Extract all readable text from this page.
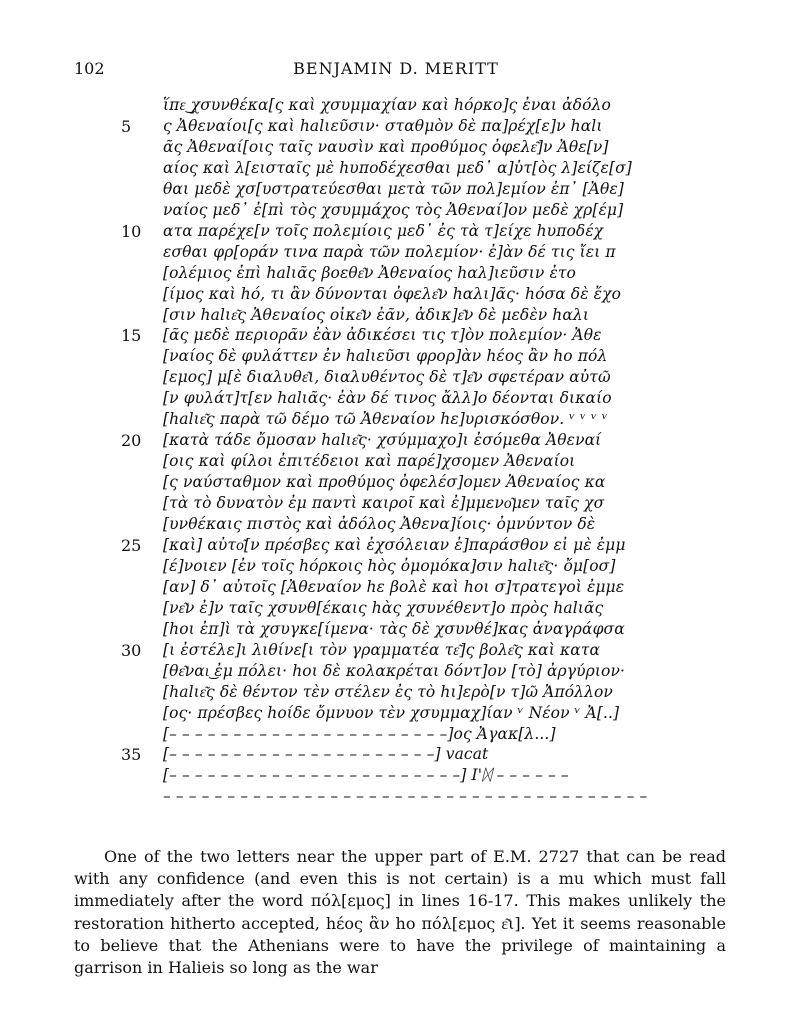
102	BENJAMIN D. MERITT
ἵπε͜ χσυνθέκα[ς καὶ χσυμμαχίαν καὶ hόρκο]ς ἐναι ἀδόλο
5	ς Ἀθεναίοι[ς καὶ halιεῦσιν· σταθμὸν δὲ πα]ρέχ[ε]ν hαlι
ᾶς Ἀθεναί[οις ταῖς ναυσὶν καὶ προθύμος ὀφελε͂]ν Ἀθε[ν]
αίος καὶ λ[εισταῖς μὲ hυποδέχεσθαι μεδ᾽ α]ὐτ[ὸς λ]είζε[σ]
θαι μεδὲ χσ[υστρατεύεσθαι μετὰ τῶν πολ]εμίον ἐπ᾽ [Ἀθε]
ναίος μεδ᾽ ἐ[πὶ τὸς χσυμμάχος τὸς Ἀθεναί]ον μεδὲ χρ[έμ]
10 ατα παρέχε[ν τοῖς πολεμίοις μεδ᾽ ἐς τὰ τ]είχε hυποδέχ
εσθαι φρ[οράν τινα παρὰ τῶν πολεμίον· ἐ]ὰν δέ τις ἴει π
[ολέμιος ἐπὶ halιᾶς βοεθε͂ν Ἀθεναίος hαλ]ιεῦσιν ἐτο
[ίμος καὶ hό, τι ἂν δύνονται ὀφελε͂ν hαλι]ᾶς· hόσα δὲ ἔχο
[σιν halιε͂ς Ἀθεναίος οἰκε͂ν ἐᾶν, ἀδικ]ε͂ν δὲ μεδὲν hαλι
15 [ᾶς μεδὲ περιορᾶν ἐὰν ἀδικέσει τις τ]ὸν πολεμίον· Ἀθε
[ναίος δὲ φυλάττεν ἐν halιεῦσι φρορ]ὰν hέος ἂν hο πόλ
[εμος] μ[ὲ διαλυθε͂ι, διαλυθέντος δὲ τ]ε͂ν σφετέραν αὐτῶ
[ν φυλάτ]τ[εν halιᾶς· ἐὰν δέ τινος ἄλλ]ο δέονται δικαίο
[halιε͂ς παρὰ τῶ δέμο τῶ Ἀθεναίον hε]υρισκόσθον. ᵛ ᵛ ᵛ ᵛ
20 [κατὰ τάδε ὄμοσαν halιε͂ς· χσύμμαχο]ι ἐσόμεθα Ἀθεναί
[οις καὶ φίλοι ἐπιτέδειοι καὶ παρέ]χσομεν Ἀθεναίοι
[ς ναύσταθμον καὶ προθύμος ὀφελέσ]ομεν Ἀθεναίος κα
[τὰ τὸ δυνατὸν ἐμ παντὶ καιροῖ καὶ ἐ]μμενο͂μεν ταῖς χσ
[υνθέκαις πιστὸς καὶ ἀδόλος Ἀθενα]ίοις· ὀμνύντον δὲ
25 [καὶ] αὐτο͂[ν πρέσβες καὶ ἐχσόλειαν ἐ]παράσθον εἰ μὲ ἐμμ
[έ]νοιεν [ἐν τοῖς hόρκοις hὸς ὀμομόκα]σιν halιε͂ς· ὄμ[οσ]
[αν] δ᾽ αὐτοῖς [Ἀθεναίον hε βολὲ καὶ hοι σ]τρατεγοὶ ἐμμε
[νε͂ν ἐ]ν ταῖς χσυνθ[έκαις hὰς χσυνέθεντ]ο πρὸς halιᾶς
[hοι ἐπ]ὶ τὰ χσυγκε[ίμενα· τὰς δὲ χσυνθέ]κας ἀναγράφσα
30 [ι ἐστέλε]ι λιθίνε[ι τὸν γραμματέα τε͂]ς βολε͂ς καὶ κατα
[θε͂ναι͜ ἐμ πόλει· hοι δὲ κολακρέται δόντ]ον [τὸ] ἀργύριον·
[halιε͂ς δὲ θέντον τὲν στέλεν ἐς τὸ hι]ερὸ[ν τ]ῶ Ἀπόλλον
[ος· πρέσβες hοίδε ὄμνυον τὲν χσυμμαχ]ίαν ᵛ Νέον ᵛ Ἀ[..]
[– – – – – – – – – – – – – – – – – – – – – –]ος Ἀγακ[λ...]
35 [– – – – – – – – – – – – – – – – – – – – –] vacat
[– – – – – – – – – – – – – – – – – – – – – – –] Ι'ᛞ – – – – – –
– – – – – – – – – – – – – – – – – – – – – – – – – – – – – – – – – – – – – –

One of the two letters near the upper part of E.M. 2727 that can be read with any confidence (and even this is not certain) is a mu which must fall immediately after the word πόλ[εμος] in lines 16-17. This makes unlikely the restoration hitherto accepted, hέος ἂν hο πόλ[εμος ε͂ι]. Yet it seems reasonable to believe that the Athenians were to have the privilege of maintaining a garrison in Halieis so long as the war
